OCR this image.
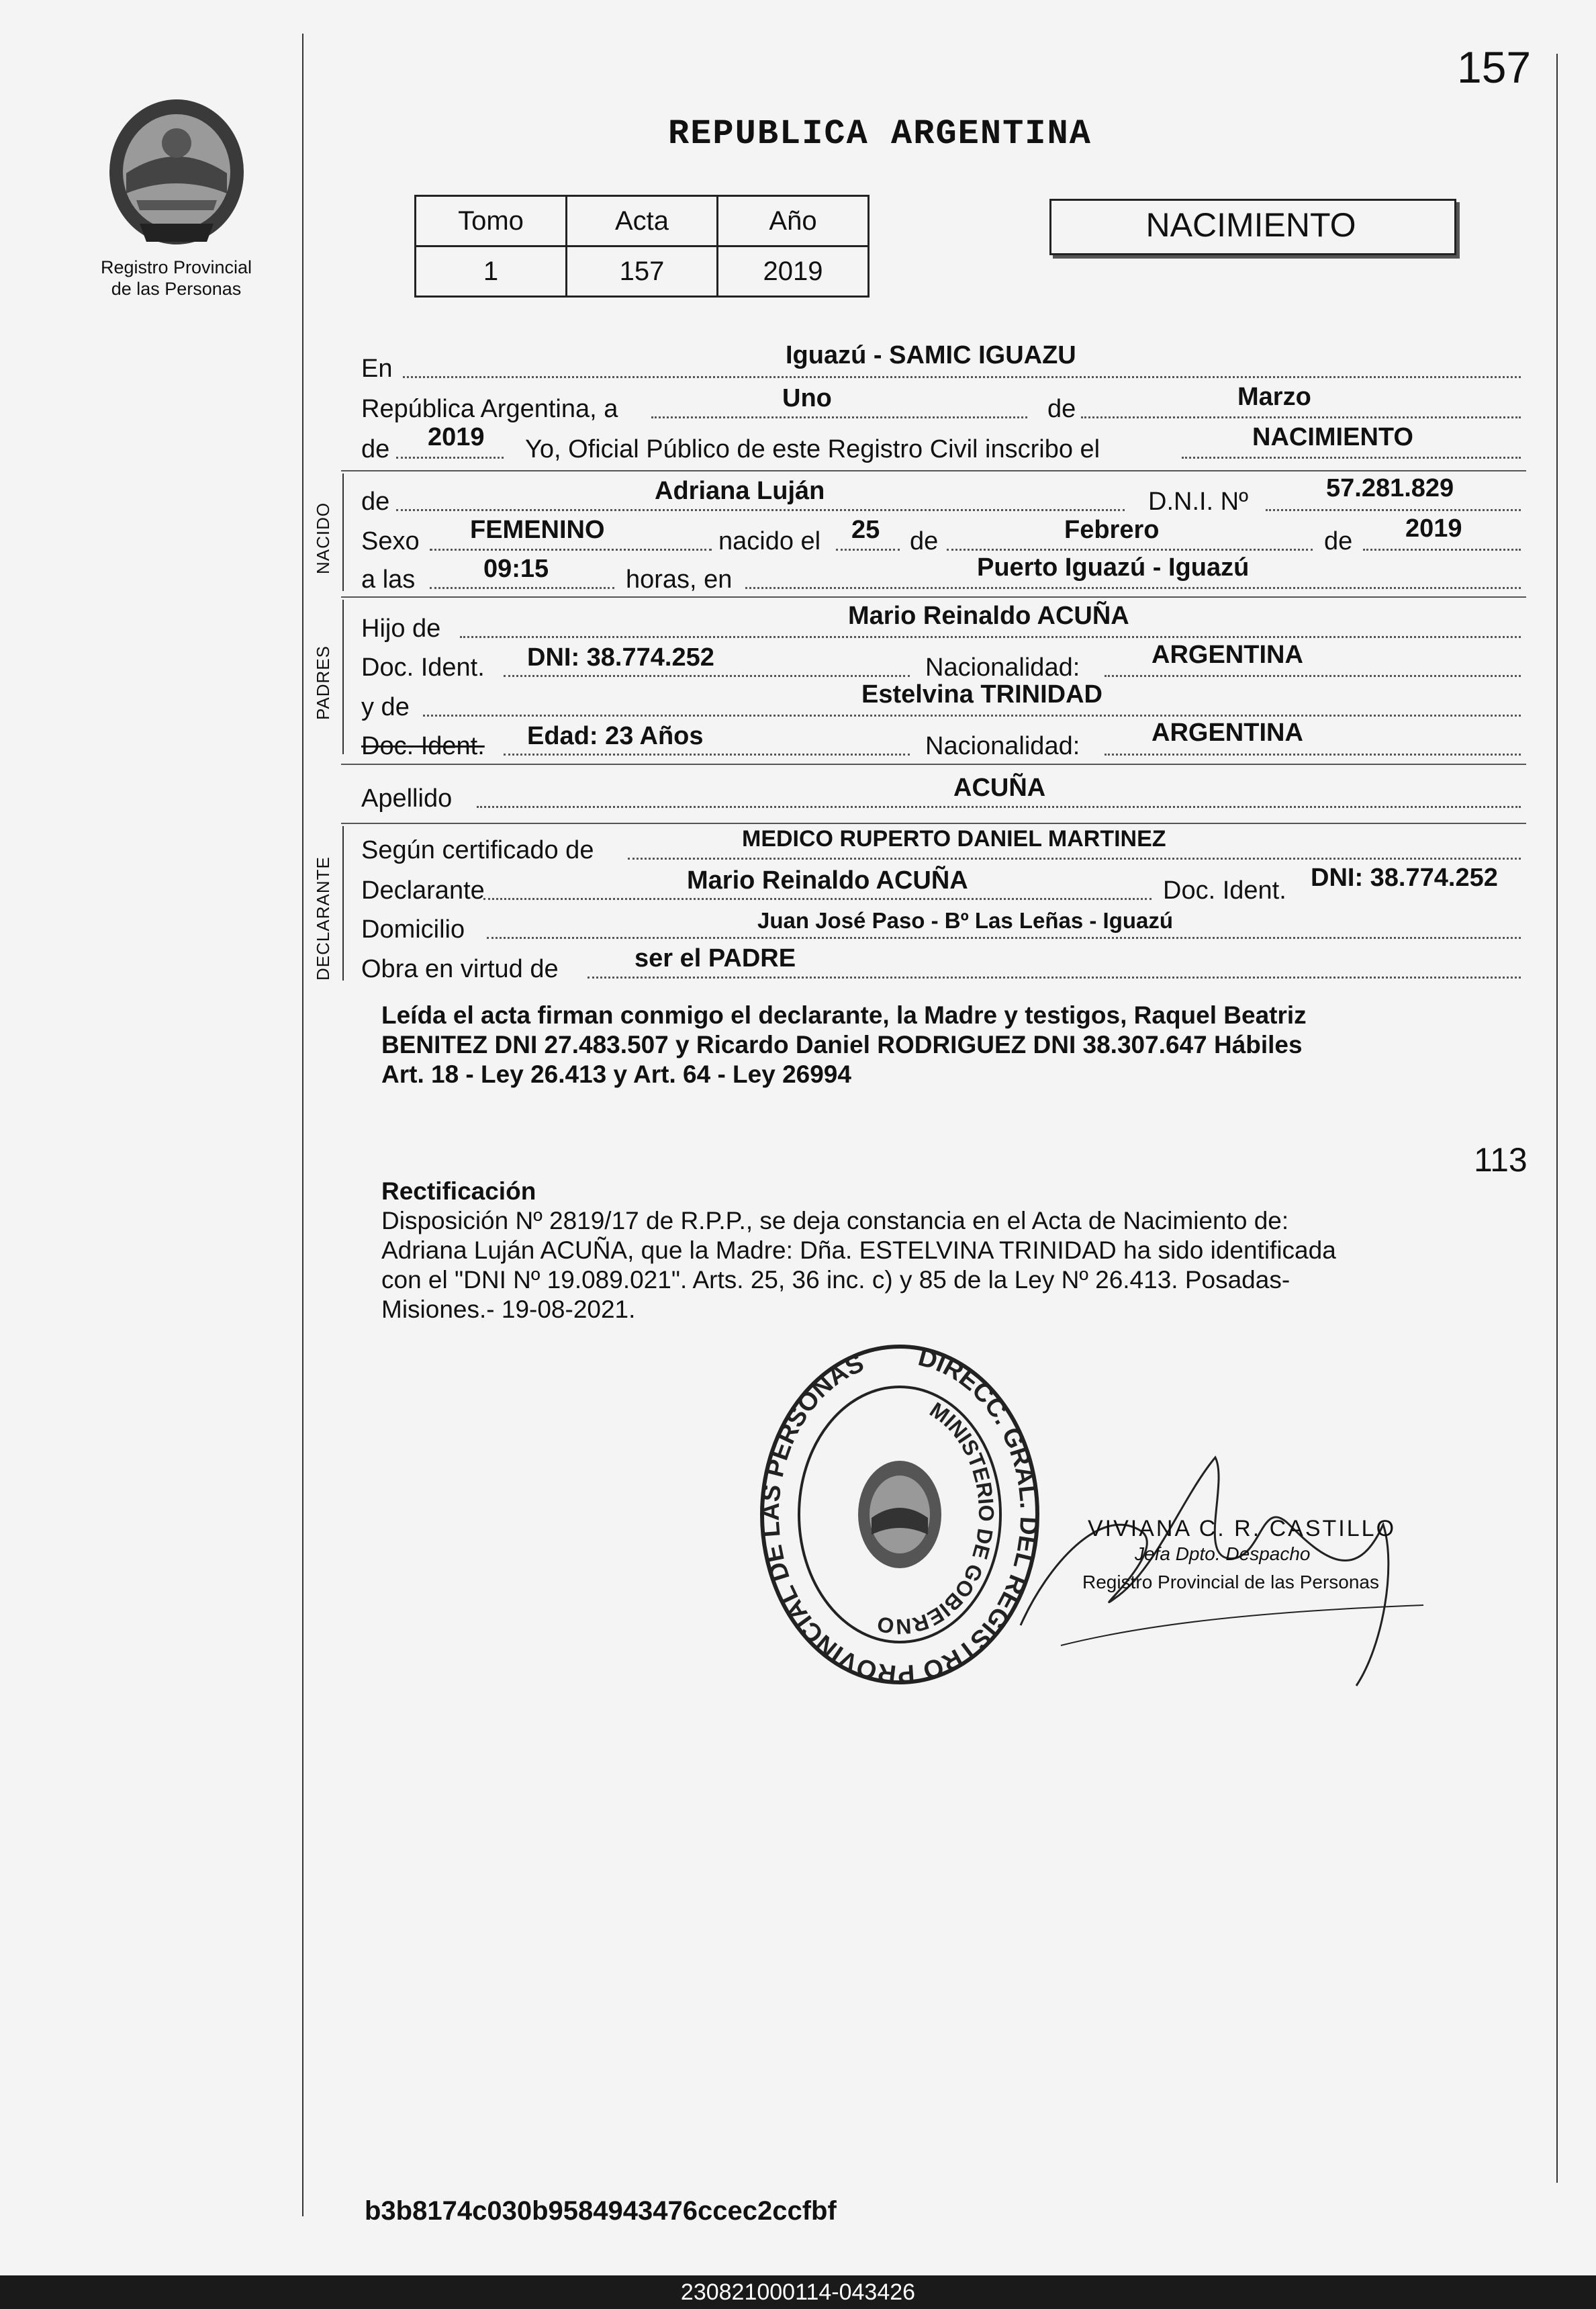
157
Registro Provincial
de las Personas
REPUBLICA ARGENTINA
Tomo	Acta	Año
1	157	2019
NACIMIENTO
En	Iguazú - SAMIC IGUAZU
República Argentina, a	Uno	de	Marzo
de 2019 Yo, Oficial Público de este Registro Civil inscribo el	NACIMIENTO
NACIDO
de	Adriana Luján	D.N.I. Nº	57.281.829
Sexo FEMENINO	nacido el 25 de	Febrero	de 2019
a las	09:15	horas, en	Puerto Iguazú - Iguazú
PADRES
Hijo de	Mario Reinaldo ACUÑA
Doc. Ident. DNI: 38.774.252	Nacionalidad:	ARGENTINA
y de	Estelvina TRINIDAD
Doc. Ident. Edad: 23 Años	Nacionalidad:	ARGENTINA
Apellido	ACUÑA
DECLARANTE
Según certificado de	MEDICO RUPERTO DANIEL MARTINEZ
Declarante	Mario Reinaldo ACUÑA	Doc. Ident. DNI: 38.774.252
Domicilio	Juan José Paso - Bº Las Leñas - Iguazú
Obra en virtud de	ser el PADRE
Leída el acta firman conmigo el declarante, la Madre y testigos, Raquel Beatriz
BENITEZ DNI 27.483.507 y Ricardo Daniel RODRIGUEZ DNI 38.307.647 Hábiles
Art. 18 - Ley 26.413 y Art. 64 - Ley 26994
113
Rectificación
Disposición Nº 2819/17 de R.P.P., se deja constancia en el Acta de Nacimiento de:
Adriana Luján ACUÑA, que la Madre: Dña. ESTELVINA TRINIDAD ha sido identificada
con el "DNI Nº 19.089.021". Arts. 25, 36 inc. c) y 85 de la Ley Nº 26.413. Posadas-
Misiones.- 19-08-2021.
DIRECC. GRAL. DEL REGISTRO PROVINCIAL DE LAS PERSONAS
MINISTERIO DE GOBIERNO
VIVIANA C. R. CASTILLO
Jefa Dpto. Despacho
Registro Provincial de las Personas
b3b8174c030b9584943476ccec2ccfbf
230821000114-043426
